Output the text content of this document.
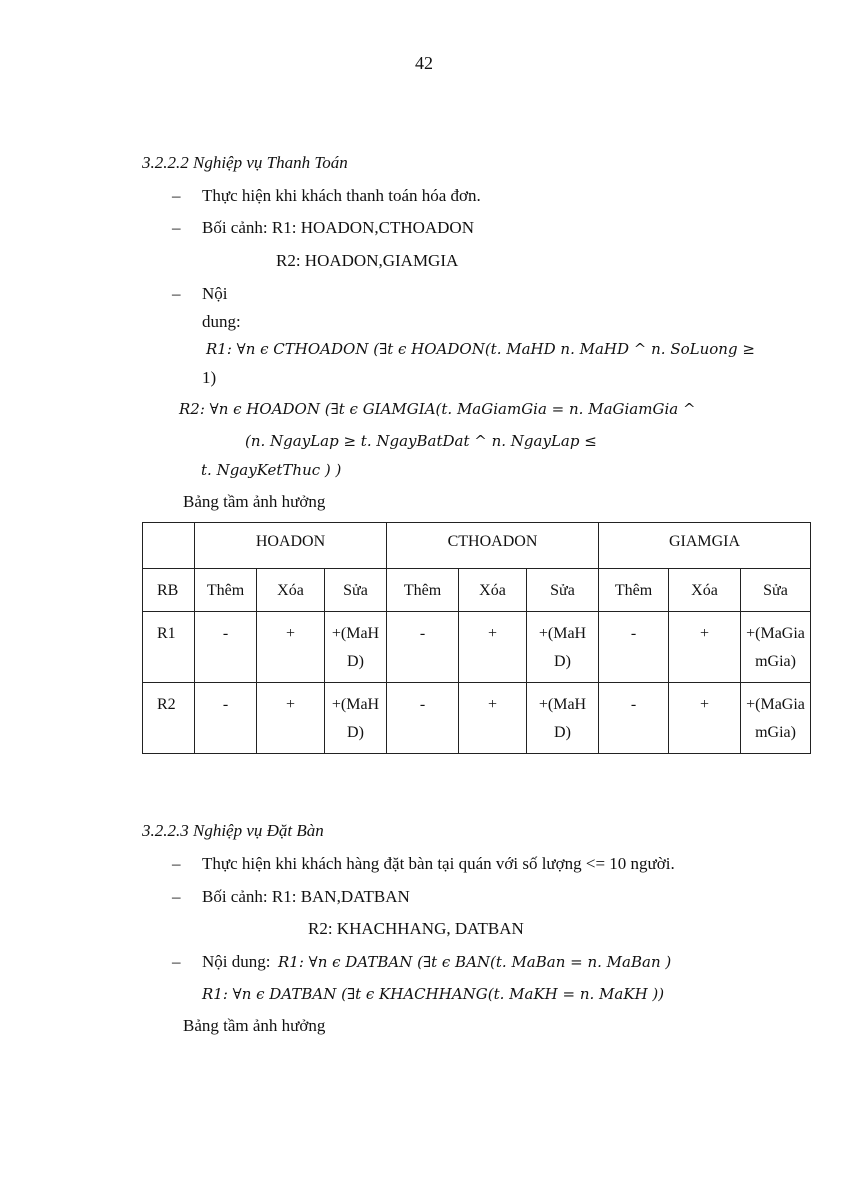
42
3.2.2.2 Nghiệp vụ Thanh Toán
– Thực hiện khi khách thanh toán hóa đơn.
– Bối cảnh: R1: HOADON,CTHOADON
R2: HOADON,GIAMGIA
– Nội
dung:
R1: ∀n ϵ CTHOADON (∃t ϵ HOADON(t. MaHD n. MaHD ^ n. SoLuong ≥
1)
R2: ∀n ϵ HOADON (∃t ϵ GIAMGIA(t. MaGiamGia = n. MaGiamGia ^
(n. NgayLap ≥ t. NgayBatDat ^ n. NgayLap ≤
t. NgayKetThuc ) )
Bảng tầm ảnh hưởng
	HOADON			CTHOADON			GIAMGIA		
RB	Thêm	Xóa	Sửa	Thêm	Xóa	Sửa	Thêm	Xóa	Sửa
R1	-	+	+(MaHD)	-	+	+(MaHD)	-	+	+(MaGiamGia)
R2	-	+	+(MaHD)	-	+	+(MaHD)	-	+	+(MaGiamGia)
3.2.2.3 Nghiệp vụ Đặt Bàn
– Thực hiện khi khách hàng đặt bàn tại quán với số lượng <= 10 người.
– Bối cảnh: R1: BAN,DATBAN
R2: KHACHHANG, DATBAN
– Nội dung: R1: ∀n ϵ DATBAN (∃t ϵ BAN(t. MaBan = n. MaBan )
R1: ∀n ϵ DATBAN (∃t ϵ KHACHHANG(t. MaKH = n. MaKH ))
Bảng tầm ảnh hưởng
